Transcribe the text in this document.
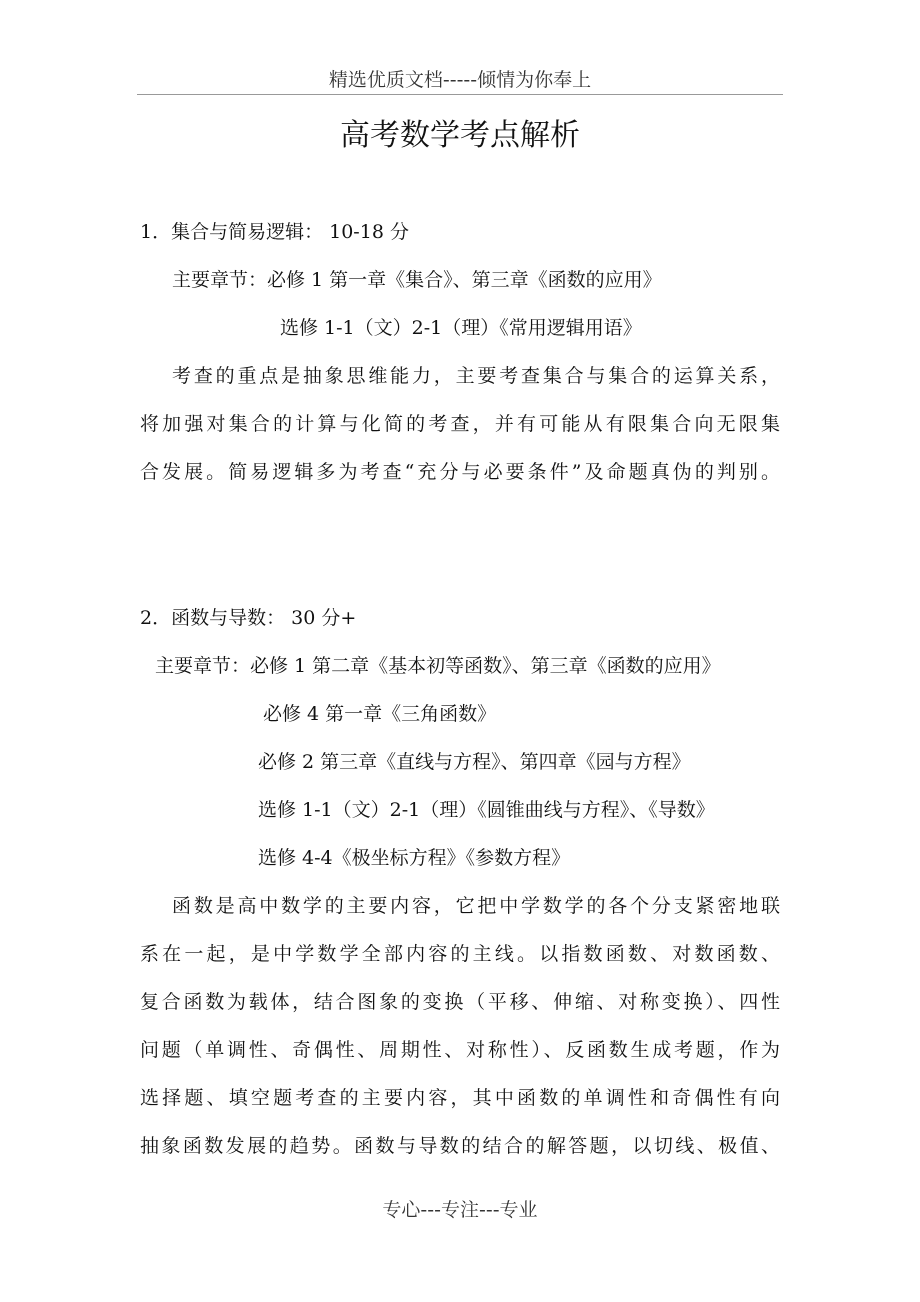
精选优质文档-----倾情为你奉上
高考数学考点解析
1．集合与简易逻辑： 10-18 分
主要章节：必修 1 第一章《集合》、第三章《函数的应用》
选修 1-1（文）2-1（理）《常用逻辑用语》
考查的重点是抽象思维能力，主要考查集合与集合的运算关系，
将加强对集合的计算与化简的考查，并有可能从有限集合向无限集
合发展。简易逻辑多为考查“充分与必要条件”及命题真伪的判别。
2．函数与导数： 30 分+
主要章节：必修 1 第二章《基本初等函数》、第三章《函数的应用》
必修 4 第一章《三角函数》
必修 2 第三章《直线与方程》、第四章《园与方程》
选修 1-1（文）2-1（理）《圆锥曲线与方程》、《导数》
选修 4-4《极坐标方程》《参数方程》
函数是高中数学的主要内容，它把中学数学的各个分支紧密地联
系在一起，是中学数学全部内容的主线。以指数函数、对数函数、
复合函数为载体，结合图象的变换（平移、伸缩、对称变换）、四性
问题（单调性、奇偶性、周期性、对称性）、反函数生成考题，作为
选择题、填空题考查的主要内容，其中函数的单调性和奇偶性有向
抽象函数发展的趋势。函数与导数的结合的解答题，以切线、极值、
专心---专注---专业
